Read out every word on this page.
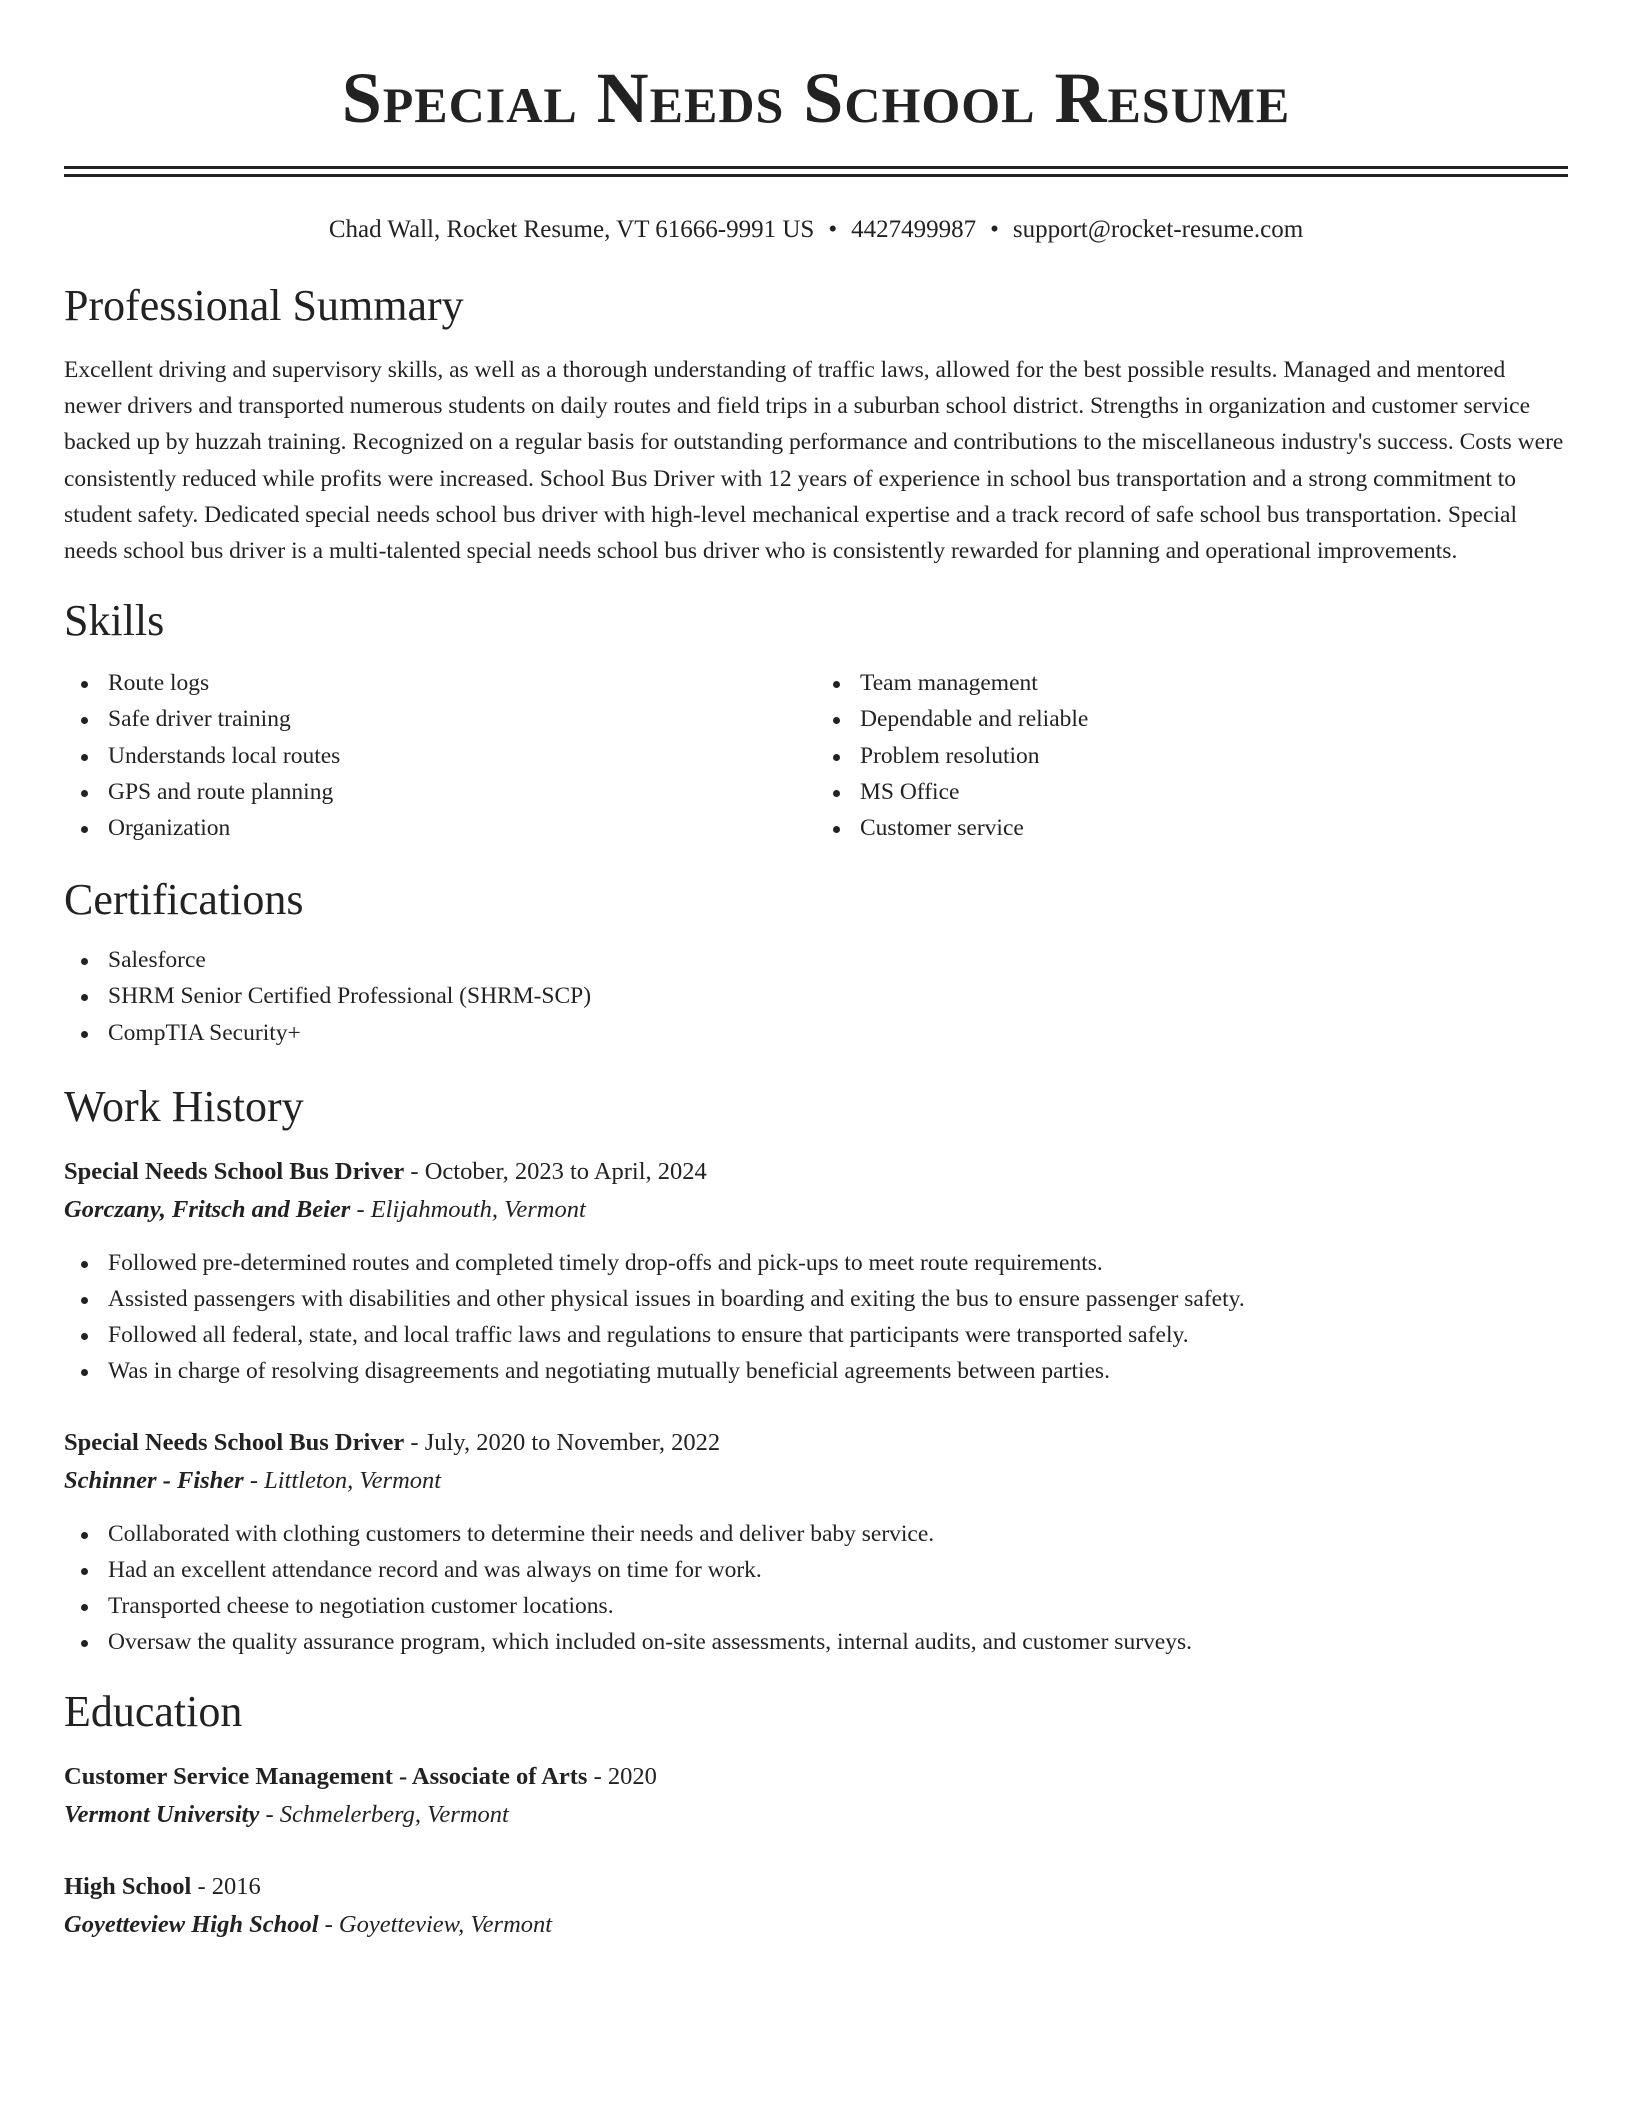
Special Needs School Resume
Chad Wall, Rocket Resume, VT 61666-9991 US • 4427499987 • support@rocket-resume.com
Professional Summary

Excellent driving and supervisory skills, as well as a thorough understanding of traffic laws, allowed for the best possible results. Managed and mentored newer drivers and transported numerous students on daily routes and field trips in a suburban school district. Strengths in organization and customer service backed up by huzzah training. Recognized on a regular basis for outstanding performance and contributions to the miscellaneous industry's success. Costs were consistently reduced while profits were increased. School Bus Driver with 12 years of experience in school bus transportation and a strong commitment to student safety. Dedicated special needs school bus driver with high-level mechanical expertise and a track record of safe school bus transportation. Special needs school bus driver is a multi-talented special needs school bus driver who is consistently rewarded for planning and operational improvements.

Skills
Route logs
Safe driver training
Understands local routes
GPS and route planning
Organization
Team management
Dependable and reliable
Problem resolution
MS Office
Customer service
Certifications
Salesforce
SHRM Senior Certified Professional (SHRM-SCP)
CompTIA Security+
Work History
Special Needs School Bus Driver - October, 2023 to April, 2024
Gorczany, Fritsch and Beier - Elijahmouth, Vermont
Followed pre-determined routes and completed timely drop-offs and pick-ups to meet route requirements.
Assisted passengers with disabilities and other physical issues in boarding and exiting the bus to ensure passenger safety.
Followed all federal, state, and local traffic laws and regulations to ensure that participants were transported safely.
Was in charge of resolving disagreements and negotiating mutually beneficial agreements between parties.
Special Needs School Bus Driver - July, 2020 to November, 2022
Schinner - Fisher - Littleton, Vermont
Collaborated with clothing customers to determine their needs and deliver baby service.
Had an excellent attendance record and was always on time for work.
Transported cheese to negotiation customer locations.
Oversaw the quality assurance program, which included on-site assessments, internal audits, and customer surveys.
Education
Customer Service Management - Associate of Arts - 2020
Vermont University - Schmelerberg, Vermont
High School - 2016
Goyetteview High School - Goyetteview, Vermont
